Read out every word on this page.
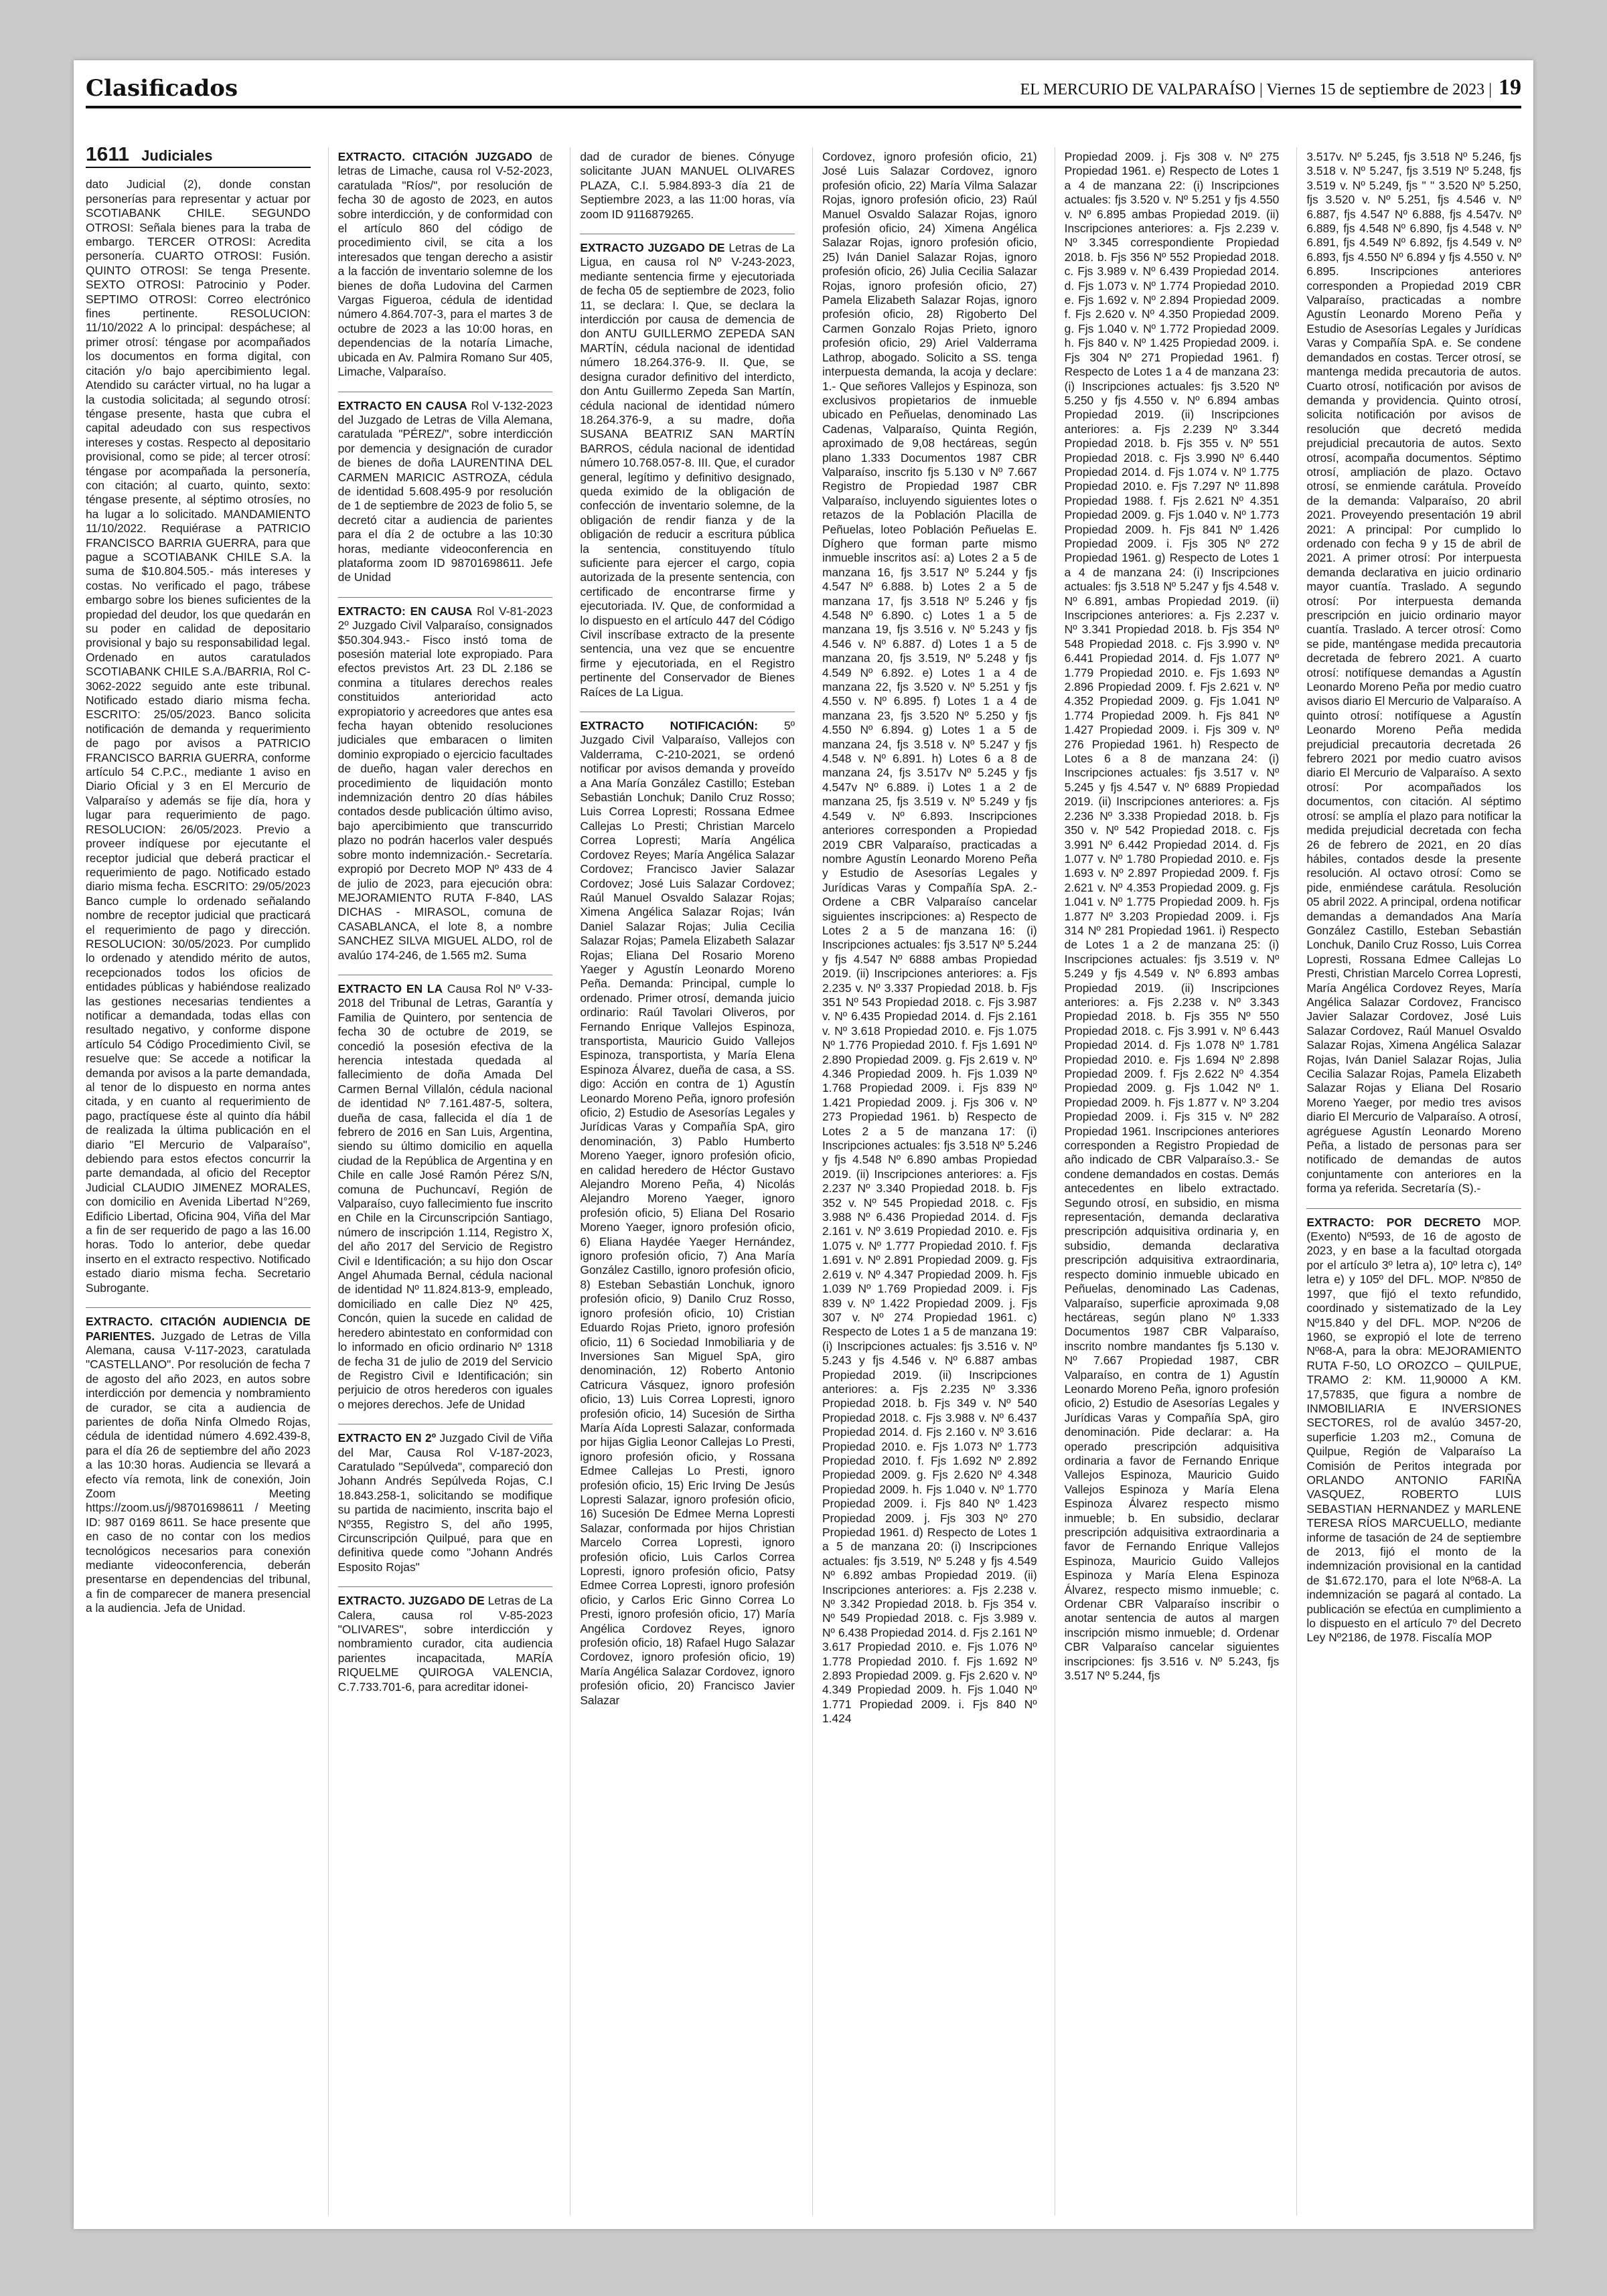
Clasificados	EL MERCURIO DE VALPARAÍSO | Viernes 15 de septiembre de 2023 | 19
1611 Judiciales

dato Judicial (2), donde constan personerías para representar y actuar por SCOTIABANK CHILE. SEGUNDO OTROSI: Señala bienes para la traba de embargo. TERCER OTROSI: Acredita personería. CUARTO OTROSI: Fusión. QUINTO OTROSI: Se tenga Presente. SEXTO OTROSI: Patrocinio y Poder. SEPTIMO OTROSI: Correo electrónico fines pertinente. RESOLUCION: 11/10/2022 A lo principal: despáchese; al primer otrosí: téngase por acompañados los documentos en forma digital, con citación y/o bajo apercibimiento legal. Atendido su carácter virtual, no ha lugar a la custodia solicitada; al segundo otrosí: téngase presente, hasta que cubra el capital adeudado con sus respectivos intereses y costas. Respecto al depositario provisional, como se pide; al tercer otrosí: téngase por acompañada la personería, con citación; al cuarto, quinto, sexto: téngase presente, al séptimo otrosíes, no ha lugar a lo solicitado. MANDAMIENTO 11/10/2022. Requiérase a PATRICIO FRANCISCO BARRIA GUERRA, para que pague a SCOTIABANK CHILE S.A. la suma de $10.804.505.- más intereses y costas. No verificado el pago, trábese embargo sobre los bienes suficientes de la propiedad del deudor, los que quedarán en su poder en calidad de depositario provisional y bajo su responsabilidad legal. Ordenado en autos caratulados SCOTIABANK CHILE S.A./BARRIA, Rol C-3062-2022 seguido ante este tribunal. Notificado estado diario misma fecha. ESCRITO: 25/05/2023. Banco solicita notificación de demanda y requerimiento de pago por avisos a PATRICIO FRANCISCO BARRIA GUERRA, conforme artículo 54 C.P.C., mediante 1 aviso en Diario Oficial y 3 en El Mercurio de Valparaíso y además se fije día, hora y lugar para requerimiento de pago. RESOLUCION: 26/05/2023. Previo a proveer indíquese por ejecutante el receptor judicial que deberá practicar el requerimiento de pago. Notificado estado diario misma fecha. ESCRITO: 29/05/2023 Banco cumple lo ordenado señalando nombre de receptor judicial que practicará el requerimiento de pago y dirección. RESOLUCION: 30/05/2023. Por cumplido lo ordenado y atendido mérito de autos, recepcionados todos los oficios de entidades públicas y habiéndose realizado las gestiones necesarias tendientes a notificar a demandada, todas ellas con resultado negativo, y conforme dispone artículo 54 Código Procedimiento Civil, se resuelve que: Se accede a notificar la demanda por avisos a la parte demandada, al tenor de lo dispuesto en norma antes citada, y en cuanto al requerimiento de pago, practíquese éste al quinto día hábil de realizada la última publicación en el diario "El Mercurio de Valparaíso", debiendo para estos efectos concurrir la parte demandada, al oficio del Receptor Judicial CLAUDIO JIMENEZ MORALES, con domicilio en Avenida Libertad N°269, Edificio Libertad, Oficina 904, Viña del Mar a fin de ser requerido de pago a las 16.00 horas. Todo lo anterior, debe quedar inserto en el extracto respectivo. Notificado estado diario misma fecha. Secretario Subrogante.

EXTRACTO. CITACIÓN AUDIENCIA DE PARIENTES. Juzgado de Letras de Villa Alemana, causa V-117-2023, caratulada "CASTELLANO". Por resolución de fecha 7 de agosto del año 2023, en autos sobre interdicción por demencia y nombramiento de curador, se cita a audiencia de parientes de doña Ninfa Olmedo Rojas, cédula de identidad número 4.692.439-8, para el día 26 de septiembre del año 2023 a las 10:30 horas. Audiencia se llevará a efecto vía remota, link de conexión, Join Zoom Meeting https://zoom.us/j/98701698611 / Meeting ID: 987 0169 8611. Se hace presente que en caso de no contar con los medios tecnológicos necesarios para conexión mediante videoconferencia, deberán presentarse en dependencias del tribunal, a fin de comparecer de manera presencial a la audiencia. Jefa de Unidad.

EXTRACTO. CITACIÓN JUZGADO de letras de Limache, causa rol V-52-2023, caratulada "Ríos/", por resolución de fecha 30 de agosto de 2023, en autos sobre interdicción, y de conformidad con el artículo 860 del código de procedimiento civil, se cita a los interesados que tengan derecho a asistir a la facción de inventario solemne de los bienes de doña Ludovina del Carmen Vargas Figueroa, cédula de identidad número 4.864.707-3, para el martes 3 de octubre de 2023 a las 10:00 horas, en dependencias de la notaría Limache, ubicada en Av. Palmira Romano Sur 405, Limache, Valparaíso.

EXTRACTO EN CAUSA Rol V-132-2023 del Juzgado de Letras de Villa Alemana, caratulada "PÉREZ/", sobre interdicción por demencia y designación de curador de bienes de doña LAURENTINA DEL CARMEN MARICIC ASTROZA, cédula de identidad 5.608.495-9 por resolución de 1 de septiembre de 2023 de folio 5, se decretó citar a audiencia de parientes para el día 2 de octubre a las 10:30 horas, mediante videoconferencia en plataforma zoom ID 98701698611. Jefe de Unidad

EXTRACTO: EN CAUSA Rol V-81-2023 2º Juzgado Civil Valparaíso, consignados $50.304.943.- Fisco instó toma de posesión material lote expropiado. Para efectos previstos Art. 23 DL 2.186 se conmina a titulares derechos reales constituidos anterioridad acto expropiatorio y acreedores que antes esa fecha hayan obtenido resoluciones judiciales que embaracen o limiten dominio expropiado o ejercicio facultades de dueño, hagan valer derechos en procedimiento de liquidación monto indemnización dentro 20 días hábiles contados desde publicación último aviso, bajo apercibimiento que transcurrido plazo no podrán hacerlos valer después sobre monto indemnización.- Secretaría. expropió por Decreto MOP Nº 433 de 4 de julio de 2023, para ejecución obra: MEJORAMIENTO RUTA F-840, LAS DICHAS - MIRASOL, comuna de CASABLANCA, el lote 8, a nombre SANCHEZ SILVA MIGUEL ALDO, rol de avalúo 174-246, de 1.565 m2. Suma

EXTRACTO EN LA Causa Rol Nº V-33-2018 del Tribunal de Letras, Garantía y Familia de Quintero, por sentencia de fecha 30 de octubre de 2019, se concedió la posesión efectiva de la herencia intestada quedada al fallecimiento de doña Amada Del Carmen Bernal Villalón, cédula nacional de identidad Nº 7.161.487-5, soltera, dueña de casa, fallecida el día 1 de febrero de 2016 en San Luis, Argentina, siendo su último domicilio en aquella ciudad de la República de Argentina y en Chile en calle José Ramón Pérez S/N, comuna de Puchuncaví, Región de Valparaíso, cuyo fallecimiento fue inscrito en Chile en la Circunscripción Santiago, número de inscripción 1.114, Registro X, del año 2017 del Servicio de Registro Civil e Identificación; a su hijo don Oscar Angel Ahumada Bernal, cédula nacional de identidad Nº 11.824.813-9, empleado, domiciliado en calle Diez Nº 425, Concón, quien la sucede en calidad de heredero abintestato en conformidad con lo informado en oficio ordinario Nº 1318 de fecha 31 de julio de 2019 del Servicio de Registro Civil e Identificación; sin perjuicio de otros herederos con iguales o mejores derechos. Jefe de Unidad

EXTRACTO EN 2º Juzgado Civil de Viña del Mar, Causa Rol V-187-2023, Caratulado "Sepúlveda", compareció don Johann Andrés Sepúlveda Rojas, C.I 18.843.258-1, solicitando se modifique su partida de nacimiento, inscrita bajo el Nº355, Registro S, del año 1995, Circunscripción Quilpué, para que en definitiva quede como "Johann Andrés Esposito Rojas"

EXTRACTO. JUZGADO DE Letras de La Calera, causa rol V-85-2023 "OLIVARES", sobre interdicción y nombramiento curador, cita audiencia parientes incapacitada, MARÍA RIQUELME QUIROGA VALENCIA, C.7.733.701-6, para acreditar idonei-

dad de curador de bienes. Cónyuge solicitante JUAN MANUEL OLIVARES PLAZA, C.I. 5.984.893-3 día 21 de Septiembre 2023, a las 11:00 horas, vía zoom ID 9116879265.

EXTRACTO JUZGADO DE Letras de La Ligua, en causa rol Nº V-243-2023, mediante sentencia firme y ejecutoriada de fecha 05 de septiembre de 2023, folio 11, se declara: I. Que, se declara la interdicción por causa de demencia de don ANTU GUILLERMO ZEPEDA SAN MARTÍN, cédula nacional de identidad número 18.264.376-9. II. Que, se designa curador definitivo del interdicto, don Antu Guillermo Zepeda San Martín, cédula nacional de identidad número 18.264.376-9, a su madre, doña SUSANA BEATRIZ SAN MARTÍN BARROS, cédula nacional de identidad número 10.768.057-8. III. Que, el curador general, legítimo y definitivo designado, queda eximido de la obligación de confección de inventario solemne, de la obligación de rendir fianza y de la obligación de reducir a escritura pública la sentencia, constituyendo título suficiente para ejercer el cargo, copia autorizada de la presente sentencia, con certificado de encontrarse firme y ejecutoriada. IV. Que, de conformidad a lo dispuesto en el artículo 447 del Código Civil inscríbase extracto de la presente sentencia, una vez que se encuentre firme y ejecutoriada, en el Registro pertinente del Conservador de Bienes Raíces de La Ligua.

EXTRACTO NOTIFICACIÓN: 5º Juzgado Civil Valparaíso, Vallejos con Valderrama, C-210-2021, se ordenó notificar por avisos demanda y proveído a Ana María González Castillo; Esteban Sebastián Lonchuk; Danilo Cruz Rosso; Luis Correa Lopresti; Rossana Edmee Callejas Lo Presti; Christian Marcelo Correa Lopresti; María Angélica Cordovez Reyes; María Angélica Salazar Cordovez; Francisco Javier Salazar Cordovez; José Luis Salazar Cordovez; Raúl Manuel Osvaldo Salazar Rojas; Ximena Angélica Salazar Rojas; Iván Daniel Salazar Rojas; Julia Cecilia Salazar Rojas; Pamela Elizabeth Salazar Rojas; Eliana Del Rosario Moreno Yaeger y Agustín Leonardo Moreno Peña. Demanda: Principal, cumple lo ordenado. Primer otrosí, demanda juicio ordinario: Raúl Tavolari Oliveros, por Fernando Enrique Vallejos Espinoza, transportista, Mauricio Guido Vallejos Espinoza, transportista, y María Elena Espinoza Álvarez, dueña de casa, a SS. digo: Acción en contra de 1) Agustín Leonardo Moreno Peña, ignoro profesión oficio, 2) Estudio de Asesorías Legales y Jurídicas Varas y Compañía SpA, giro denominación, 3) Pablo Humberto Moreno Yaeger, ignoro profesión oficio, en calidad heredero de Héctor Gustavo Alejandro Moreno Peña, 4) Nicolás Alejandro Moreno Yaeger, ignoro profesión oficio, 5) Eliana Del Rosario Moreno Yaeger, ignoro profesión oficio, 6) Eliana Haydée Yaeger Hernández, ignoro profesión oficio, 7) Ana María González Castillo, ignoro profesión oficio, 8) Esteban Sebastián Lonchuk, ignoro profesión oficio, 9) Danilo Cruz Rosso, ignoro profesión oficio, 10) Cristian Eduardo Rojas Prieto, ignoro profesión oficio, 11) 6 Sociedad Inmobiliaria y de Inversiones San Miguel SpA, giro denominación, 12) Roberto Antonio Catricura Vásquez, ignoro profesión oficio, 13) Luis Correa Lopresti, ignoro profesión oficio, 14) Sucesión de Sirtha María Aída Lopresti Salazar, conformada por hijas Giglia Leonor Callejas Lo Presti, ignoro profesión oficio, y Rossana Edmee Callejas Lo Presti, ignoro profesión oficio, 15) Eric Irving De Jesús Lopresti Salazar, ignoro profesión oficio, 16) Sucesión De Edmee Merna Lopresti Salazar, conformada por hijos Christian Marcelo Correa Lopresti, ignoro profesión oficio, Luis Carlos Correa Lopresti, ignoro profesión oficio, Patsy Edmee Correa Lopresti, ignoro profesión oficio, y Carlos Eric Ginno Correa Lo Presti, ignoro profesión oficio, 17) María Angélica Cordovez Reyes, ignoro profesión oficio, 18) Rafael Hugo Salazar Cordovez, ignoro profesión oficio, 19) María Angélica Salazar Cordovez, ignoro profesión oficio, 20) Francisco Javier Salazar

Cordovez, ignoro profesión oficio, 21) José Luis Salazar Cordovez, ignoro profesión oficio, 22) María Vilma Salazar Rojas, ignoro profesión oficio, 23) Raúl Manuel Osvaldo Salazar Rojas, ignoro profesión oficio, 24) Ximena Angélica Salazar Rojas, ignoro profesión oficio, 25) Iván Daniel Salazar Rojas, ignoro profesión oficio, 26) Julia Cecilia Salazar Rojas, ignoro profesión oficio, 27) Pamela Elizabeth Salazar Rojas, ignoro profesión oficio, 28) Rigoberto Del Carmen Gonzalo Rojas Prieto, ignoro profesión oficio, 29) Ariel Valderrama Lathrop, abogado. Solicito a SS. tenga interpuesta demanda, la acoja y declare: 1.- Que señores Vallejos y Espinoza, son exclusivos propietarios de inmueble ubicado en Peñuelas, denominado Las Cadenas, Valparaíso, Quinta Región, aproximado de 9,08 hectáreas, según plano 1.333 Documentos 1987 CBR Valparaíso, inscrito fjs 5.130 v Nº 7.667 Registro de Propiedad 1987 CBR Valparaíso, incluyendo siguientes lotes o retazos de la Población Placilla de Peñuelas, loteo Población Peñuelas E. Díghero que forman parte mismo inmueble inscritos así: a) Lotes 2 a 5 de manzana 16, fjs 3.517 Nº 5.244 y fjs 4.547 Nº 6.888. b) Lotes 2 a 5 de manzana 17, fjs 3.518 Nº 5.246 y fjs 4.548 Nº 6.890. c) Lotes 1 a 5 de manzana 19, fjs 3.516 v. Nº 5.243 y fjs 4.546 v. Nº 6.887. d) Lotes 1 a 5 de manzana 20, fjs 3.519, Nº 5.248 y fjs 4.549 Nº 6.892. e) Lotes 1 a 4 de manzana 22, fjs 3.520 v. Nº 5.251 y fjs 4.550 v. Nº 6.895. f) Lotes 1 a 4 de manzana 23, fjs 3.520 Nº 5.250 y fjs 4.550 Nº 6.894. g) Lotes 1 a 5 de manzana 24, fjs 3.518 v. Nº 5.247 y fjs 4.548 v. Nº 6.891. h) Lotes 6 a 8 de manzana 24, fjs 3.517v Nº 5.245 y fjs 4.547v Nº 6.889. i) Lotes 1 a 2 de manzana 25, fjs 3.519 v. Nº 5.249 y fjs 4.549 v. Nº 6.893. Inscripciones anteriores corresponden a Propiedad 2019 CBR Valparaíso, practicadas a nombre Agustín Leonardo Moreno Peña y Estudio de Asesorías Legales y Jurídicas Varas y Compañía SpA. 2.- Ordene a CBR Valparaíso cancelar siguientes inscripciones: a) Respecto de Lotes 2 a 5 de manzana 16: (i) Inscripciones actuales: fjs 3.517 Nº 5.244 y fjs 4.547 Nº 6888 ambas Propiedad 2019. (ii) Inscripciones anteriores: a. Fjs 2.235 v. Nº 3.337 Propiedad 2018. b. Fjs 351 Nº 543 Propiedad 2018. c. Fjs 3.987 v. Nº 6.435 Propiedad 2014. d. Fjs 2.161 v. Nº 3.618 Propiedad 2010. e. Fjs 1.075 Nº 1.776 Propiedad 2010. f. Fjs 1.691 Nº 2.890 Propiedad 2009. g. Fjs 2.619 v. Nº 4.346 Propiedad 2009. h. Fjs 1.039 Nº 1.768 Propiedad 2009. i. Fjs 839 Nº 1.421 Propiedad 2009. j. Fjs 306 v. Nº 273 Propiedad 1961. b) Respecto de Lotes 2 a 5 de manzana 17: (i) Inscripciones actuales: fjs 3.518 Nº 5.246 y fjs 4.548 Nº 6.890 ambas Propiedad 2019. (ii) Inscripciones anteriores: a. Fjs 2.237 Nº 3.340 Propiedad 2018. b. Fjs 352 v. Nº 545 Propiedad 2018. c. Fjs 3.988 Nº 6.436 Propiedad 2014. d. Fjs 2.161 v. Nº 3.619 Propiedad 2010. e. Fjs 1.075 v. Nº 1.777 Propiedad 2010. f. Fjs 1.691 v. Nº 2.891 Propiedad 2009. g. Fjs 2.619 v. Nº 4.347 Propiedad 2009. h. Fjs 1.039 Nº 1.769 Propiedad 2009. i. Fjs 839 v. Nº 1.422 Propiedad 2009. j. Fjs 307 v. Nº 274 Propiedad 1961. c) Respecto de Lotes 1 a 5 de manzana 19: (i) Inscripciones actuales: fjs 3.516 v. Nº 5.243 y fjs 4.546 v. Nº 6.887 ambas Propiedad 2019. (ii) Inscripciones anteriores: a. Fjs 2.235 Nº 3.336 Propiedad 2018. b. Fjs 349 v. Nº 540 Propiedad 2018. c. Fjs 3.988 v. Nº 6.437 Propiedad 2014. d. Fjs 2.160 v. Nº 3.616 Propiedad 2010. e. Fjs 1.073 Nº 1.773 Propiedad 2010. f. Fjs 1.692 Nº 2.892 Propiedad 2009. g. Fjs 2.620 Nº 4.348 Propiedad 2009. h. Fjs 1.040 v. Nº 1.770 Propiedad 2009. i. Fjs 840 Nº 1.423 Propiedad 2009. j. Fjs 303 Nº 270 Propiedad 1961. d) Respecto de Lotes 1 a 5 de manzana 20: (i) Inscripciones actuales: fjs 3.519, Nº 5.248 y fjs 4.549 Nº 6.892 ambas Propiedad 2019. (ii) Inscripciones anteriores: a. Fjs 2.238 v. Nº 3.342 Propiedad 2018. b. Fjs 354 v. Nº 549 Propiedad 2018. c. Fjs 3.989 v. Nº 6.438 Propiedad 2014. d. Fjs 2.161 Nº 3.617 Propiedad 2010. e. Fjs 1.076 Nº 1.778 Propiedad 2010. f. Fjs 1.692 Nº 2.893 Propiedad 2009. g. Fjs 2.620 v. Nº 4.349 Propiedad 2009. h. Fjs 1.040 Nº 1.771 Propiedad 2009. i. Fjs 840 Nº 1.424

Propiedad 2009. j. Fjs 308 v. Nº 275 Propiedad 1961. e) Respecto de Lotes 1 a 4 de manzana 22: (i) Inscripciones actuales: fjs 3.520 v. Nº 5.251 y fjs 4.550 v. Nº 6.895 ambas Propiedad 2019. (ii) Inscripciones anteriores: a. Fjs 2.239 v. Nº 3.345 correspondiente Propiedad 2018. b. Fjs 356 Nº 552 Propiedad 2018. c. Fjs 3.989 v. Nº 6.439 Propiedad 2014. d. Fjs 1.073 v. Nº 1.774 Propiedad 2010. e. Fjs 1.692 v. Nº 2.894 Propiedad 2009. f. Fjs 2.620 v. Nº 4.350 Propiedad 2009. g. Fjs 1.040 v. Nº 1.772 Propiedad 2009. h. Fjs 840 v. Nº 1.425 Propiedad 2009. i. Fjs 304 Nº 271 Propiedad 1961. f) Respecto de Lotes 1 a 4 de manzana 23: (i) Inscripciones actuales: fjs 3.520 Nº 5.250 y fjs 4.550 v. Nº 6.894 ambas Propiedad 2019. (ii) Inscripciones anteriores: a. Fjs 2.239 Nº 3.344 Propiedad 2018. b. Fjs 355 v. Nº 551 Propiedad 2018. c. Fjs 3.990 Nº 6.440 Propiedad 2014. d. Fjs 1.074 v. Nº 1.775 Propiedad 2010. e. Fjs 7.297 Nº 11.898 Propiedad 1988. f. Fjs 2.621 Nº 4.351 Propiedad 2009. g. Fjs 1.040 v. Nº 1.773 Propiedad 2009. h. Fjs 841 Nº 1.426 Propiedad 2009. i. Fjs 305 Nº 272 Propiedad 1961. g) Respecto de Lotes 1 a 4 de manzana 24: (i) Inscripciones actuales: fjs 3.518 Nº 5.247 y fjs 4.548 v. Nº 6.891, ambas Propiedad 2019. (ii) Inscripciones anteriores: a. Fjs 2.237 v. Nº 3.341 Propiedad 2018. b. Fjs 354 Nº 548 Propiedad 2018. c. Fjs 3.990 v. Nº 6.441 Propiedad 2014. d. Fjs 1.077 Nº 1.779 Propiedad 2010. e. Fjs 1.693 Nº 2.896 Propiedad 2009. f. Fjs 2.621 v. Nº 4.352 Propiedad 2009. g. Fjs 1.041 Nº 1.774 Propiedad 2009. h. Fjs 841 Nº 1.427 Propiedad 2009. i. Fjs 309 v. Nº 276 Propiedad 1961. h) Respecto de Lotes 6 a 8 de manzana 24: (i) Inscripciones actuales: fjs 3.517 v. Nº 5.245 y fjs 4.547 v. Nº 6889 Propiedad 2019. (ii) Inscripciones anteriores: a. Fjs 2.236 Nº 3.338 Propiedad 2018. b. Fjs 350 v. Nº 542 Propiedad 2018. c. Fjs 3.991 Nº 6.442 Propiedad 2014. d. Fjs 1.077 v. Nº 1.780 Propiedad 2010. e. Fjs 1.693 v. Nº 2.897 Propiedad 2009. f. Fjs 2.621 v. Nº 4.353 Propiedad 2009. g. Fjs 1.041 v. Nº 1.775 Propiedad 2009. h. Fjs 1.877 Nº 3.203 Propiedad 2009. i. Fjs 314 Nº 281 Propiedad 1961. i) Respecto de Lotes 1 a 2 de manzana 25: (i) Inscripciones actuales: fjs 3.519 v. Nº 5.249 y fjs 4.549 v. Nº 6.893 ambas Propiedad 2019. (ii) Inscripciones anteriores: a. Fjs 2.238 v. Nº 3.343 Propiedad 2018. b. Fjs 355 Nº 550 Propiedad 2018. c. Fjs 3.991 v. Nº 6.443 Propiedad 2014. d. Fjs 1.078 Nº 1.781 Propiedad 2010. e. Fjs 1.694 Nº 2.898 Propiedad 2009. f. Fjs 2.622 Nº 4.354 Propiedad 2009. g. Fjs 1.042 Nº 1. Propiedad 2009. h. Fjs 1.877 v. Nº 3.204 Propiedad 2009. i. Fjs 315 v. Nº 282 Propiedad 1961. Inscripciones anteriores corresponden a Registro Propiedad de año indicado de CBR Valparaíso.3.- Se condene demandados en costas. Demás antecedentes en libelo extractado. Segundo otrosí, en subsidio, en misma representación, demanda declarativa prescripción adquisitiva ordinaria y, en subsidio, demanda declarativa prescripción adquisitiva extraordinaria, respecto dominio inmueble ubicado en Peñuelas, denominado Las Cadenas, Valparaíso, superficie aproximada 9,08 hectáreas, según plano Nº 1.333 Documentos 1987 CBR Valparaíso, inscrito nombre mandantes fjs 5.130 v. Nº 7.667 Propiedad 1987, CBR Valparaíso, en contra de 1) Agustín Leonardo Moreno Peña, ignoro profesión oficio, 2) Estudio de Asesorías Legales y Jurídicas Varas y Compañía SpA, giro denominación. Pide declarar: a. Ha operado prescripción adquisitiva ordinaria a favor de Fernando Enrique Vallejos Espinoza, Mauricio Guido Vallejos Espinoza y María Elena Espinoza Álvarez respecto mismo inmueble; b. En subsidio, declarar prescripción adquisitiva extraordinaria a favor de Fernando Enrique Vallejos Espinoza, Mauricio Guido Vallejos Espinoza y María Elena Espinoza Álvarez, respecto mismo inmueble; c. Ordenar CBR Valparaíso inscribir o anotar sentencia de autos al margen inscripción mismo inmueble; d. Ordenar CBR Valparaíso cancelar siguientes inscripciones: fjs 3.516 v. Nº 5.243, fjs 3.517 Nº 5.244, fjs

3.517v. Nº 5.245, fjs 3.518 Nº 5.246, fjs 3.518 v. Nº 5.247, fjs 3.519 Nº 5.248, fjs 3.519 v. Nº 5.249, fjs " " 3.520 Nº 5.250, fjs 3.520 v. Nº 5.251, fjs 4.546 v. Nº 6.887, fjs 4.547 Nº 6.888, fjs 4.547v. Nº 6.889, fjs 4.548 Nº 6.890, fjs 4.548 v. Nº 6.891, fjs 4.549 Nº 6.892, fjs 4.549 v. Nº 6.893, fjs 4.550 Nº 6.894 y fjs 4.550 v. Nº 6.895. Inscripciones anteriores corresponden a Propiedad 2019 CBR Valparaíso, practicadas a nombre Agustín Leonardo Moreno Peña y Estudio de Asesorías Legales y Jurídicas Varas y Compañía SpA. e. Se condene demandados en costas. Tercer otrosí, se mantenga medida precautoria de autos. Cuarto otrosí, notificación por avisos de demanda y providencia. Quinto otrosí, solicita notificación por avisos de resolución que decretó medida prejudicial precautoria de autos. Sexto otrosí, acompaña documentos. Séptimo otrosí, ampliación de plazo. Octavo otrosí, se enmiende carátula. Proveído de la demanda: Valparaíso, 20 abril 2021. Proveyendo presentación 19 abril 2021: A principal: Por cumplido lo ordenado con fecha 9 y 15 de abril de 2021. A primer otrosí: Por interpuesta demanda declarativa en juicio ordinario mayor cuantía. Traslado. A segundo otrosí: Por interpuesta demanda prescripción en juicio ordinario mayor cuantía. Traslado. A tercer otrosí: Como se pide, manténgase medida precautoria decretada de febrero 2021. A cuarto otrosí: notifíquese demandas a Agustín Leonardo Moreno Peña por medio cuatro avisos diario El Mercurio de Valparaíso. A quinto otrosí: notifíquese a Agustín Leonardo Moreno Peña medida prejudicial precautoria decretada 26 febrero 2021 por medio cuatro avisos diario El Mercurio de Valparaíso. A sexto otrosí: Por acompañados los documentos, con citación. Al séptimo otrosí: se amplía el plazo para notificar la medida prejudicial decretada con fecha 26 de febrero de 2021, en 20 días hábiles, contados desde la presente resolución. Al octavo otrosí: Como se pide, enmiéndese carátula. Resolución 05 abril 2022. A principal, ordena notificar demandas a demandados Ana María González Castillo, Esteban Sebastián Lonchuk, Danilo Cruz Rosso, Luis Correa Lopresti, Rossana Edmee Callejas Lo Presti, Christian Marcelo Correa Lopresti, María Angélica Cordovez Reyes, María Angélica Salazar Cordovez, Francisco Javier Salazar Cordovez, José Luis Salazar Cordovez, Raúl Manuel Osvaldo Salazar Rojas, Ximena Angélica Salazar Rojas, Iván Daniel Salazar Rojas, Julia Cecilia Salazar Rojas, Pamela Elizabeth Salazar Rojas y Eliana Del Rosario Moreno Yaeger, por medio tres avisos diario El Mercurio de Valparaíso. A otrosí, agréguese Agustín Leonardo Moreno Peña, a listado de personas para ser notificado de demandas de autos conjuntamente con anteriores en la forma ya referida. Secretaría (S).-

EXTRACTO: POR DECRETO MOP. (Exento) Nº593, de 16 de agosto de 2023, y en base a la facultad otorgada por el artículo 3º letra a), 10º letra c), 14º letra e) y 105º del DFL. MOP. Nº850 de 1997, que fijó el texto refundido, coordinado y sistematizado de la Ley Nº15.840 y del DFL. MOP. Nº206 de 1960, se expropió el lote de terreno Nº68-A, para la obra: MEJORAMIENTO RUTA F-50, LO OROZCO – QUILPUE, TRAMO 2: KM. 11,90000 A KM. 17,57835, que figura a nombre de INMOBILIARIA E INVERSIONES SECTORES, rol de avalúo 3457-20, superficie 1.203 m2., Comuna de Quilpue, Región de Valparaíso La Comisión de Peritos integrada por ORLANDO ANTONIO FARIÑA VASQUEZ, ROBERTO LUIS SEBASTIAN HERNANDEZ y MARLENE TERESA RÍOS MARCUELLO, mediante informe de tasación de 24 de septiembre de 2013, fijó el monto de la indemnización provisional en la cantidad de $1.672.170, para el lote Nº68-A. La indemnización se pagará al contado. La publicación se efectúa en cumplimiento a lo dispuesto en el artículo 7º del Decreto Ley Nº2186, de 1978. Fiscalía MOP
